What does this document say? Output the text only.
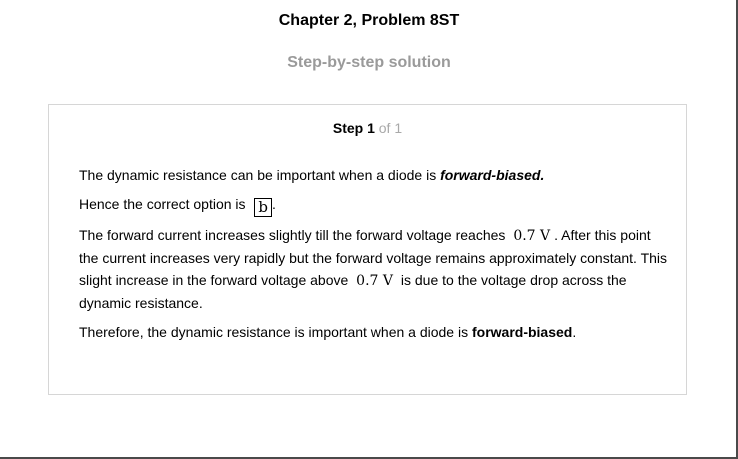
Chapter 2, Problem 8ST
Step-by-step solution
Step 1 of 1

The dynamic resistance can be important when a diode is forward-biased.

Hence the correct option is b .

The forward current increases slightly till the forward voltage reaches 0.7 V . After this point the current increases very rapidly but the forward voltage remains approximately constant. This slight increase in the forward voltage above 0.7 V is due to the voltage drop across the dynamic resistance.

Therefore, the dynamic resistance is important when a diode is forward-biased.
